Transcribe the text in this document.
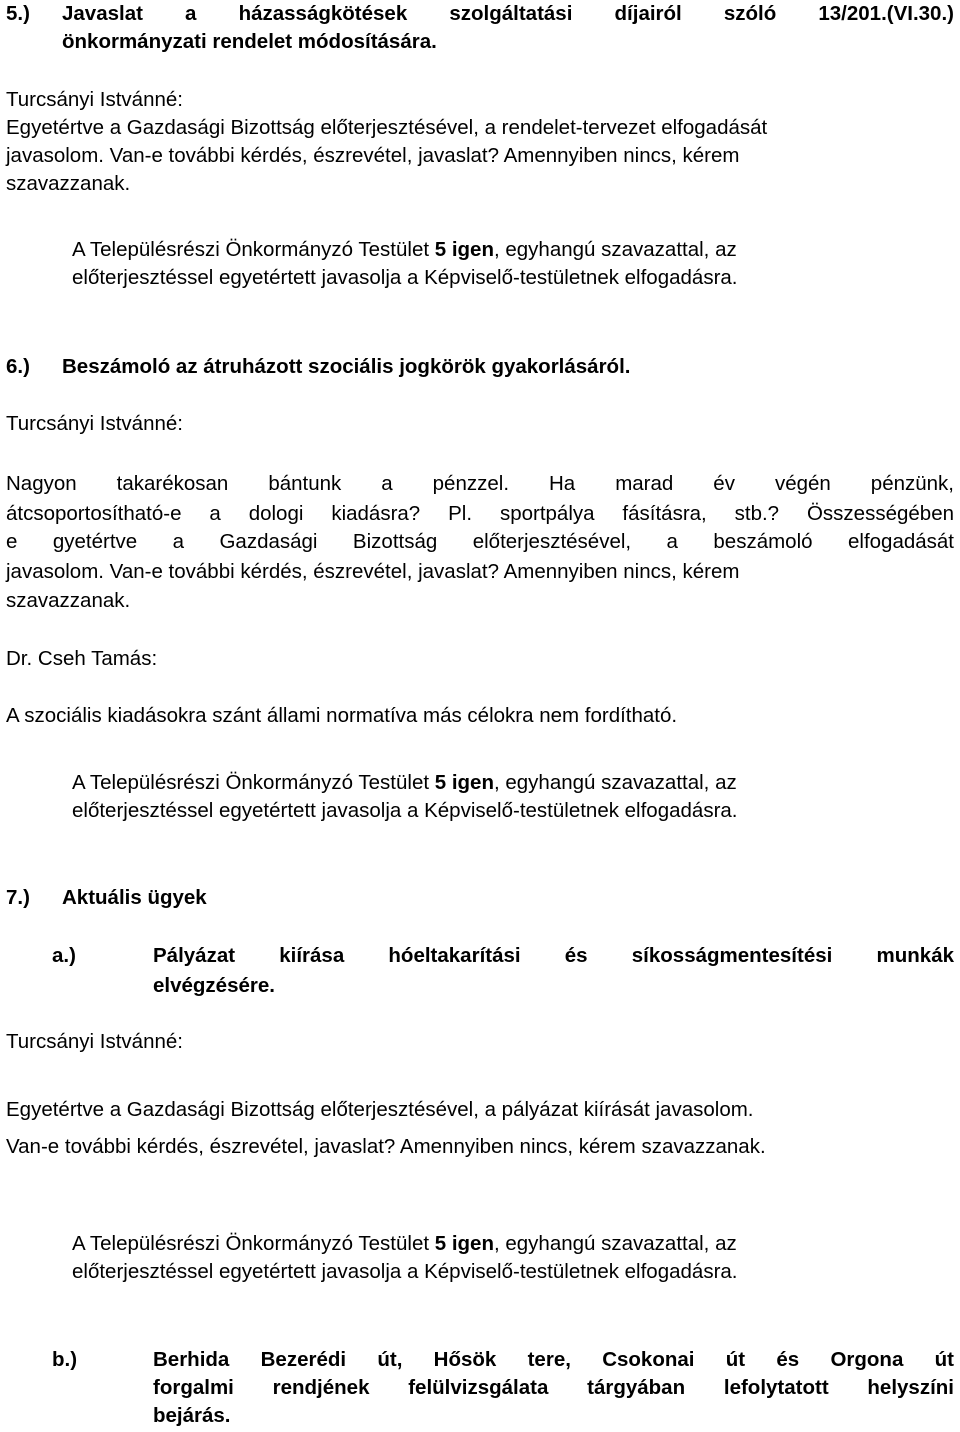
5.) Javaslat a házasságkötések szolgáltatási díjairól szóló 13/201.(VI.30.)
önkormányzati rendelet módosítására.
Turcsányi Istvánné:
Egyetértve a Gazdasági Bizottság előterjesztésével, a rendelet-tervezet elfogadását
javasolom. Van-e további kérdés, észrevétel, javaslat? Amennyiben nincs, kérem
szavazzanak.
A Településrészi Önkormányzó Testület 5 igen, egyhangú szavazattal, az
előterjesztéssel egyetértett javasolja a Képviselő-testületnek elfogadásra.
6.) Beszámoló az átruházott szociális jogkörök gyakorlásáról.
Turcsányi Istvánné:
Nagyon takarékosan bántunk a pénzzel. Ha marad év végén pénzünk,
átcsoportosítható-e a dologi kiadásra? Pl. sportpálya fásításra, stb.? Összességében
e gyetértve a Gazdasági Bizottság előterjesztésével, a beszámoló elfogadását
javasolom. Van-e további kérdés, észrevétel, javaslat? Amennyiben nincs, kérem
szavazzanak.
Dr. Cseh Tamás:
A szociális kiadásokra szánt állami normatíva más célokra nem fordítható.
A Településrészi Önkormányzó Testület 5 igen, egyhangú szavazattal, az
előterjesztéssel egyetértett javasolja a Képviselő-testületnek elfogadásra.
7.) Aktuális ügyek
a.)	Pályázat kiírása hóeltakarítási és síkosságmentesítési munkák
elvégzésére.
Turcsányi Istvánné:
Egyetértve a Gazdasági Bizottság előterjesztésével, a pályázat kiírását javasolom.
Van-e további kérdés, észrevétel, javaslat? Amennyiben nincs, kérem szavazzanak.
A Településrészi Önkormányzó Testület 5 igen, egyhangú szavazattal, az
előterjesztéssel egyetértett javasolja a Képviselő-testületnek elfogadásra.
b.)	Berhida Bezerédi út, Hősök tere, Csokonai út és Orgona út
forgalmi rendjének felülvizsgálata tárgyában lefolytatott helyszíni
bejárás.
